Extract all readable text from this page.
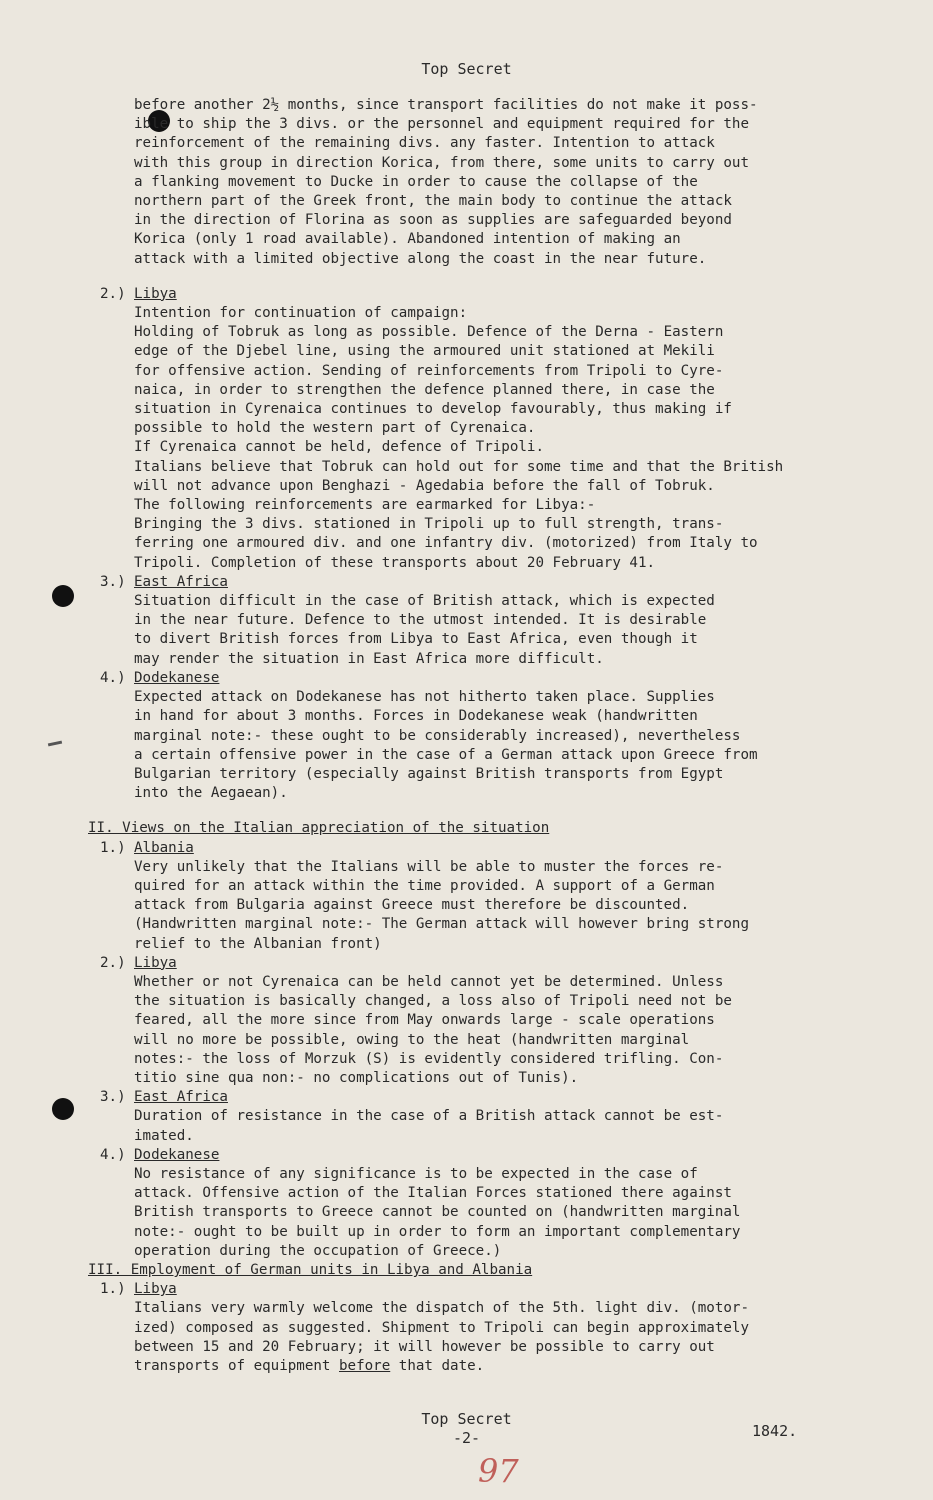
Top Secret

before another 2½ months, since transport facilities do not make it poss-

ible to ship the 3 divs. or the personnel and equipment required for the

reinforcement of the remaining divs. any faster. Intention to attack

with this group in direction Korica, from there, some units to carry out

a flanking movement to Ducke in order to cause the collapse of the

northern part of the Greek front, the main body to continue the attack

in the direction of Florina as soon as supplies are safeguarded beyond

Korica (only 1 road available). Abandoned intention of making an

attack with a limited objective along the coast in the near future.

2.) Libya

Intention for continuation of campaign:

Holding of Tobruk as long as possible. Defence of the Derna - Eastern

edge of the Djebel line, using the armoured unit stationed at Mekili

for offensive action. Sending of reinforcements from Tripoli to Cyre-

naica, in order to strengthen the defence planned there, in case the

situation in Cyrenaica continues to develop favourably, thus making if

possible to hold the western part of Cyrenaica.

If Cyrenaica cannot be held, defence of Tripoli.

Italians believe that Tobruk can hold out for some time and that the British

will not advance upon Benghazi - Agedabia before the fall of Tobruk.

The following reinforcements are earmarked for Libya:-

Bringing the 3 divs. stationed in Tripoli up to full strength, trans-

ferring one armoured div. and one infantry div. (motorized) from Italy to

Tripoli. Completion of these transports about 20 February 41.

3.) East Africa

Situation difficult in the case of British attack, which is expected

in the near future. Defence to the utmost intended. It is desirable

to divert British forces from Libya to East Africa, even though it

may render the situation in East Africa more difficult.

4.) Dodekanese

Expected attack on Dodekanese has not hitherto taken place. Supplies

in hand for about 3 months. Forces in Dodekanese weak (handwritten

marginal note:- these ought to be considerably increased), nevertheless

a certain offensive power in the case of a German attack upon Greece from

Bulgarian territory (especially against British transports from Egypt

into the Aegaean).

II. Views on the Italian appreciation of the situation
1.) Albania

Very unlikely that the Italians will be able to muster the forces re-

quired for an attack within the time provided. A support of a German

attack from Bulgaria against Greece must therefore be discounted.

(Handwritten marginal note:- The German attack will however bring strong

relief to the Albanian front)

2.) Libya

Whether or not Cyrenaica can be held cannot yet be determined. Unless

the situation is basically changed, a loss also of Tripoli need not be

feared, all the more since from May onwards large - scale operations

will no more be possible, owing to the heat (handwritten marginal

notes:- the loss of Morzuk (S) is evidently considered trifling. Con-

titio sine qua non:- no complications out of Tunis).

3.) East Africa

Duration of resistance in the case of a British attack cannot be est-

imated.

4.) Dodekanese

No resistance of any significance is to be expected in the case of

attack. Offensive action of the Italian Forces stationed there against

British transports to Greece cannot be counted on (handwritten marginal

note:- ought to be built up in order to form an important complementary

operation during the occupation of Greece.)

III. Employment of German units in Libya and Albania
1.) Libya

Italians very warmly welcome the dispatch of the 5th. light div. (motor-

ized) composed as suggested. Shipment to Tripoli can begin approximately

between 15 and 20 February; it will however be possible to carry out

transports of equipment before that date.

Top Secret
-2-	1842.
97
